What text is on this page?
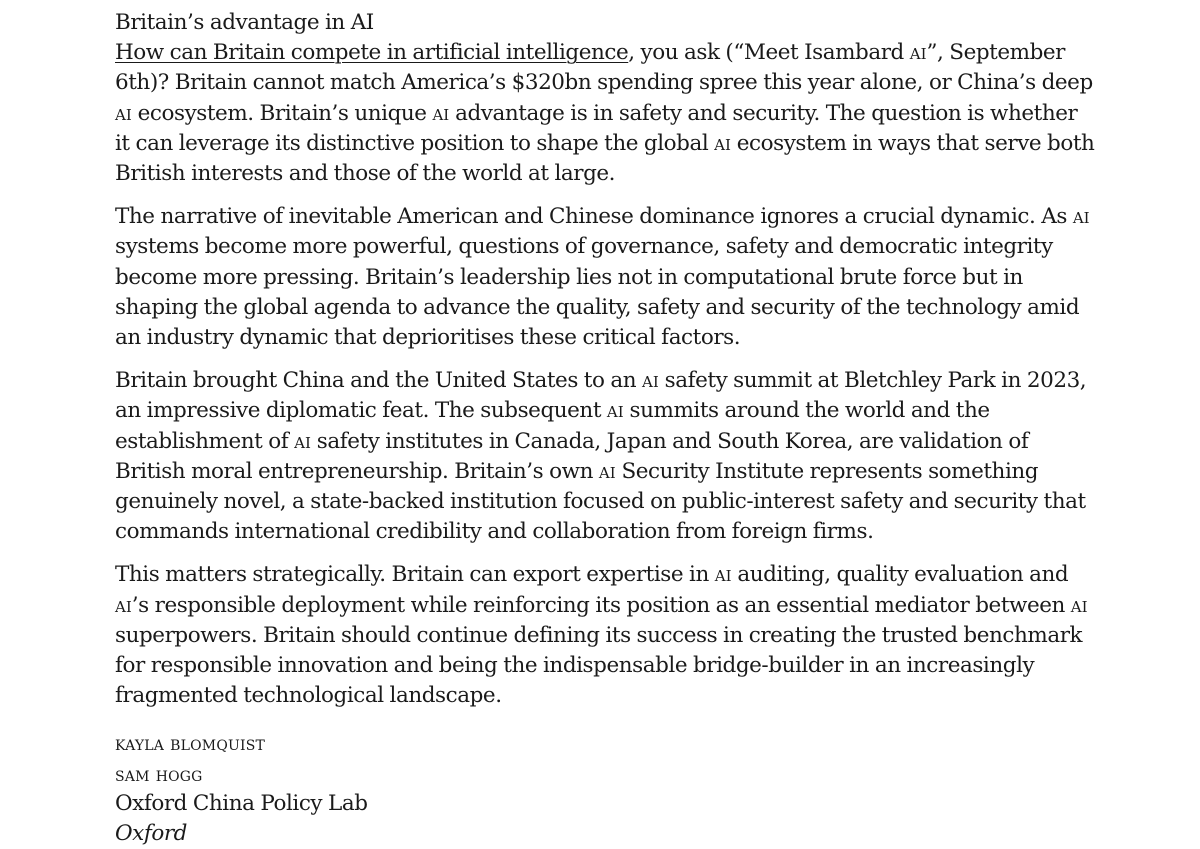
Britain’s advantage in AI

How can Britain compete in artificial intelligence, you ask (“Meet Isambard ai”, September 6th)? Britain cannot match America’s $320bn spending spree this year alone, or China’s deep ai ecosystem. Britain’s unique ai advantage is in safety and security. The question is whether it can leverage its distinctive position to shape the global ai ecosystem in ways that serve both British interests and those of the world at large.

The narrative of inevitable American and Chinese dominance ignores a crucial dynamic. As ai systems become more powerful, questions of governance, safety and democratic integrity become more pressing. Britain’s leadership lies not in computational brute force but in shaping the global agenda to advance the quality, safety and security of the technology amid an industry dynamic that deprioritises these critical factors.

Britain brought China and the United States to an ai safety summit at Bletchley Park in 2023, an impressive diplomatic feat. The subsequent ai summits around the world and the establishment of ai safety institutes in Canada, Japan and South Korea, are validation of British moral entrepreneurship. Britain’s own ai Security Institute represents something genuinely novel, a state-backed institution focused on public-interest safety and security that commands international credibility and collaboration from foreign firms.

This matters strategically. Britain can export expertise in ai auditing, quality evaluation and ai’s responsible deployment while reinforcing its position as an essential mediator between ai superpowers. Britain should continue defining its success in creating the trusted benchmark for responsible innovation and being the indispensable bridge-builder in an increasingly fragmented technological landscape.

kayla blomquist
sam hogg
Oxford China Policy Lab
Oxford
